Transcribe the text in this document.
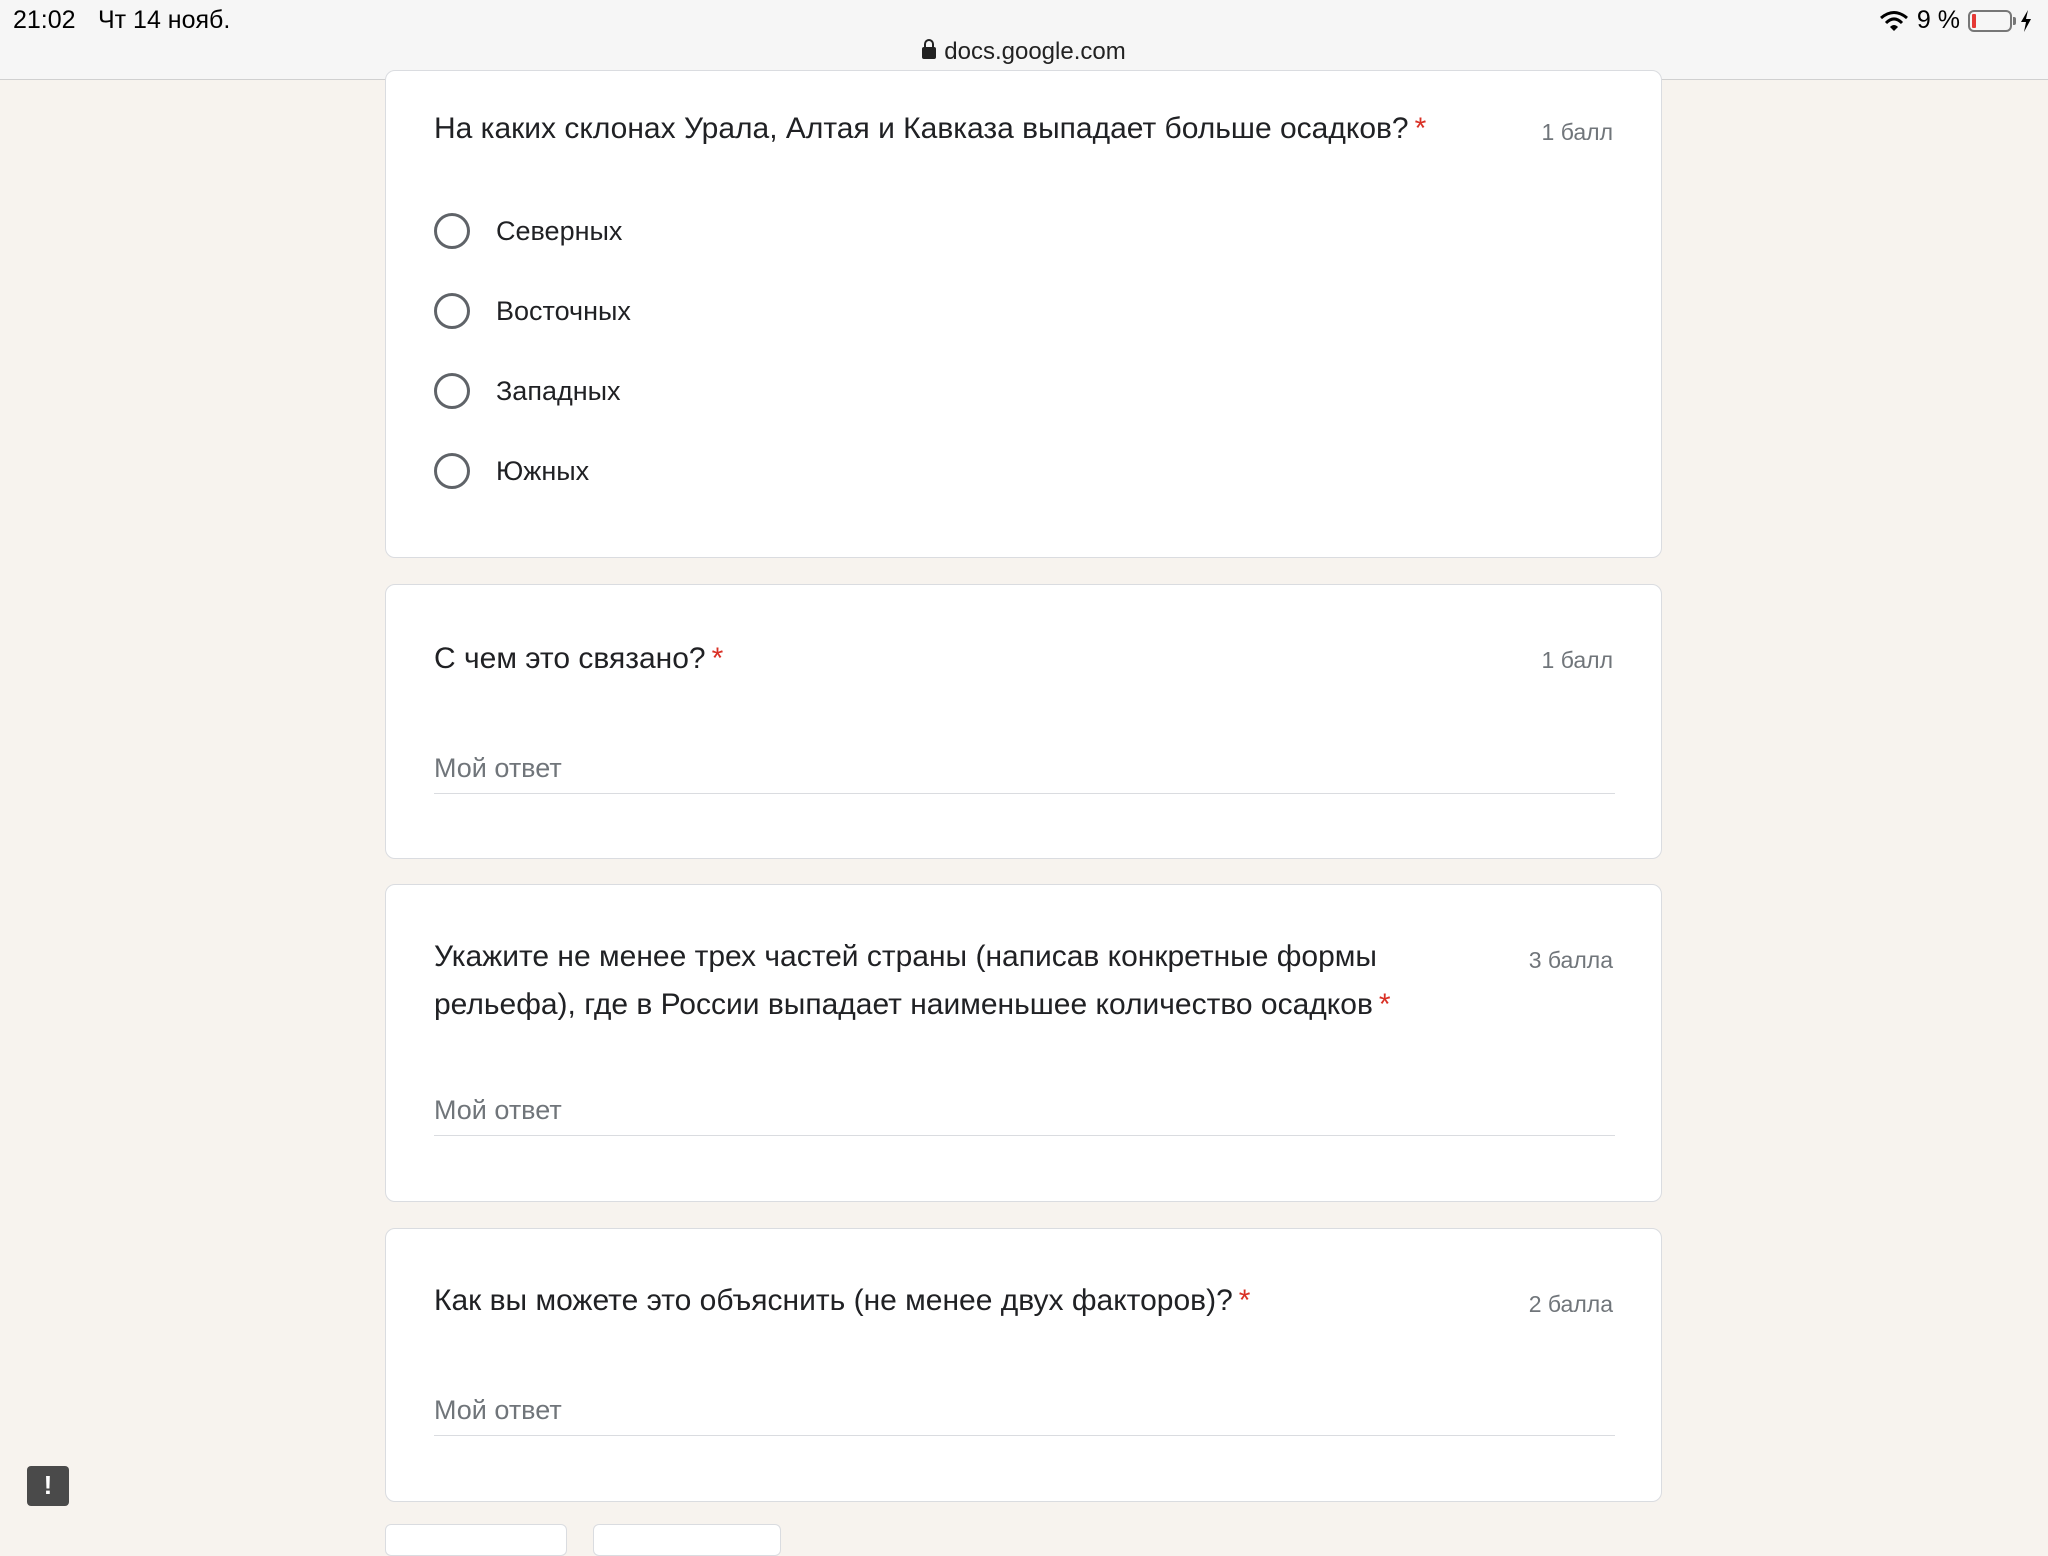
21:02 Чт 14 нояб.
docs.google.com
9 %
На каких склонах Урала, Алтая и Кавказа выпадает больше осадков? *	1 балл
Северных
Восточных
Западных
Южных
С чем это связано? *	1 балл
Мой ответ
Укажите не менее трех частей страны (написав конкретные формы
рельефа), где в России выпадает наименьшее количество осадков *
3 балла
Мой ответ
Как вы можете это объяснить (не менее двух факторов)? *	2 балла
Мой ответ
!
